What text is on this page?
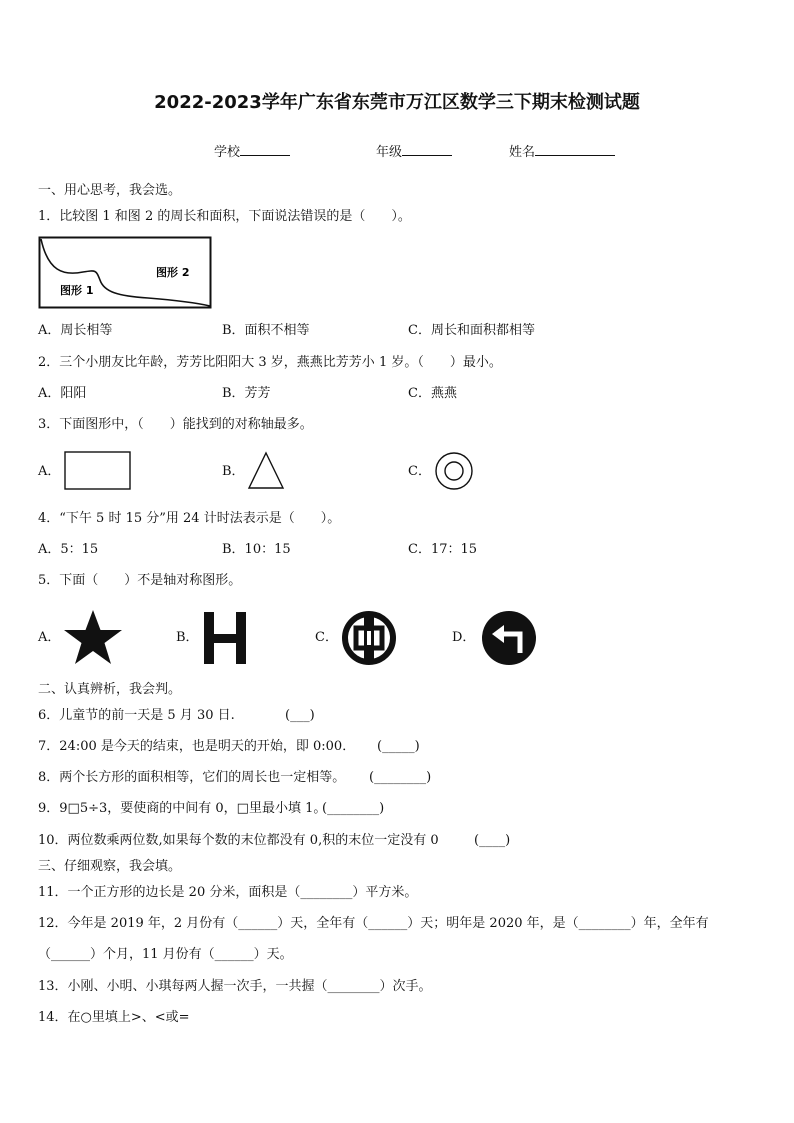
2022-2023学年广东省东莞市万江区数学三下期末检测试题
学校	年级	姓名
一、用心思考，我会选。
1．比较图 1 和图 2 的周长和面积，下面说法错误的是（　　）。
图形 1
图形 2
A．周长相等	B．面积不相等	C．周长和面积都相等
2．三个小朋友比年龄，芳芳比阳阳大 3 岁，燕燕比芳芳小 1 岁。（　　）最小。
A．阳阳	B．芳芳	C．燕燕
3．下面图形中，（　　）能找到的对称轴最多。
A．	B．	C．
4．“下午 5 时 15 分”用 24 计时法表示是（　　）。
A．5：15	B．10：15	C．17：15
5．下面（　　）不是轴对称图形。
A．	B．	C．	D．
二、认真辨析，我会判。
6．儿童节的前一天是 5 月 30 日.	(___)
7．24:00 是今天的结束，也是明天的开始，即 0:00． (_____)
8．两个长方形的面积相等，它们的周长也一定相等。 (________)
9．9□5÷3，要使商的中间有 0，□里最小填 1。
(________)
10．两位数乘两位数,如果每个数的末位都没有 0,积的末位一定没有 0	(____)
三、仔细观察，我会填。
11．一个正方形的边长是 20 分米，面积是（________）平方米。
12．今年是 2019 年，2 月份有（______）天，全年有（______）天；明年是 2020 年，是（________）年，全年有
（______）个月，11 月份有（______）天。
13．小刚、小明、小琪每两人握一次手，一共握（________）次手。
14．在○里填上>、<或=
